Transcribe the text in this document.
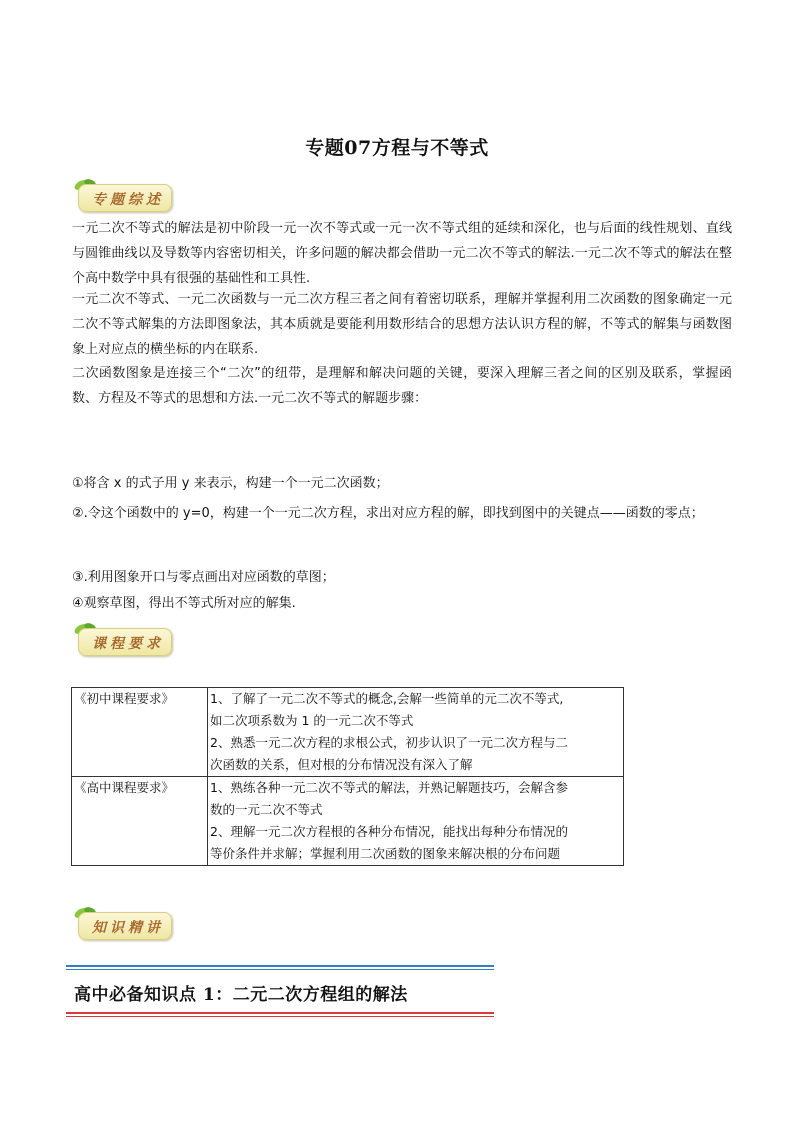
专题07方程与不等式
专题综述

一元二次不等式的解法是初中阶段一元一次不等式或一元一次不等式组的延续和深化，也与后面的线性规划、直线与圆锥曲线以及导数等内容密切相关，许多问题的解决都会借助一元二次不等式的解法.一元二次不等式的解法在整个高中数学中具有很强的基础性和工具性.

一元二次不等式、一元二次函数与一元二次方程三者之间有着密切联系，理解并掌握利用二次函数的图象确定一元二次不等式解集的方法即图象法，其本质就是要能利用数形结合的思想方法认识方程的解，不等式的解集与函数图象上对应点的横坐标的内在联系.

二次函数图象是连接三个“二次”的纽带，是理解和解决问题的关键，要深入理解三者之间的区别及联系，掌握函数、方程及不等式的思想和方法.一元二次不等式的解题步骤：

①将含 x 的式子用 y 来表示，构建一个一元二次函数；

②.令这个函数中的 y=0，构建一个一元二次方程，求出对应方程的解，即找到图中的关键点——函数的零点；

③.利用图象开口与零点画出对应函数的草图；

④观察草图，得出不等式所对应的解集.

课程要求
《初中课程要求》	1、了解了一元二次不等式的概念,会解一些简单的元二次不等式,
如二次项系数为 1 的一元二次不等式
2、熟悉一元二次方程的求根公式，初步认识了一元二次方程与二
次函数的关系，但对根的分布情况没有深入了解

《高中课程要求》	1、熟练各种一元二次不等式的解法，并熟记解题技巧，会解含参
数的一元二次不等式
2、理解一元二次方程根的各种分布情况，能找出每种分布情况的
等价条件并求解；掌握利用二次函数的图象来解决根的分布问题
知识精讲
高中必备知识点 1：二元二次方程组的解法
